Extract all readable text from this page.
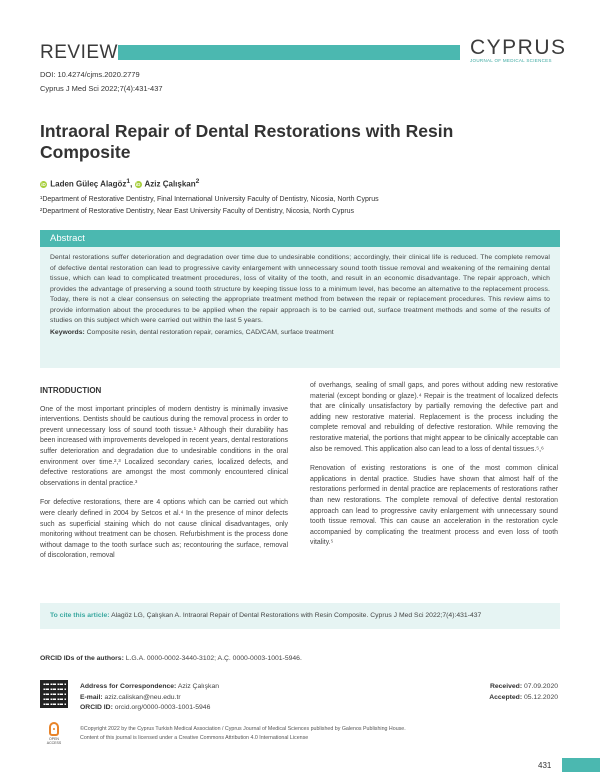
REVIEW	CYPRUS
JOURNAL OF MEDICAL SCIENCES
DOI: 10.4274/cjms.2020.2779
Cyprus J Med Sci 2022;7(4):431-437
Intraoral Repair of Dental Restorations with Resin Composite
iD Laden Güleç Alagöz$^1$, iD Aziz Çalışkan$^2$
¹Department of Restorative Dentistry, Final International University Faculty of Dentistry, Nicosia, North Cyprus
²Department of Restorative Dentistry, Near East University Faculty of Dentistry, Nicosia, North Cyprus
Abstract
Dental restorations suffer deterioration and degradation over time due to undesirable conditions; accordingly, their clinical life is reduced. The complete removal of defective dental restoration can lead to progressive cavity enlargement with unnecessary sound tooth tissue removal and weakening of the remaining dental tissue, which can lead to complicated treatment procedures, loss of vitality of the tooth, and result in an economic disadvantage. The repair approach, which provides the advantage of preserving a sound tooth structure by keeping tissue loss to a minimum level, has become an alternative to the replacement process. Today, there is not a clear consensus on selecting the appropriate treatment method from between the repair or replacement procedures. This review aims to provide information about the procedures to be applied when the repair approach is to be carried out, surface treatment methods and some of the results of studies on this subject which were carried out within the last 5 years.
Keywords: Composite resin, dental restoration repair, ceramics, CAD/CAM, surface treatment
INTRODUCTION
One of the most important principles of modern dentistry is minimally invasive interventions. Dentists should be cautious during the removal process in order to prevent unnecessary loss of sound tooth tissue.¹ Although their durability has been increased with improvements developed in recent years, dental restorations suffer deterioration and degradation due to undesirable conditions in the oral environment over time.²,³ Localized secondary caries, localized defects, and defective restorations are amongst the most commonly encountered clinical observations in dental practice.³
For defective restorations, there are 4 options which can be carried out which were clearly defined in 2004 by Setcos et al.⁴ In the presence of minor defects such as superficial staining which do not cause clinical disadvantages, only monitoring without treatment can be chosen. Refurbishment is the process done without damage to the tooth surface such as; recontouring the surface, removal of discoloration, removal
of overhangs, sealing of small gaps, and pores without adding new restorative material (except bonding or glaze).⁴ Repair is the treatment of localized defects that are clinically unsatisfactory by partially removing the defective part and adding new restorative material. Replacement is the process including the complete removal and rebuilding of defective restoration. While removing the restorative material, the portions that might appear to be clinically acceptable can also be removed. This application also can lead to a loss of dental tissues.⁵,⁶
Renovation of existing restorations is one of the most common clinical applications in dental practice. Studies have shown that almost half of the restorations performed in dental practice are replacements of restorations rather than new restorations. The complete removal of defective dental restoration approach can lead to progressive cavity enlargement with unnecessary sound tooth tissue removal. This can cause an acceleration in the restoration cycle accompanied by complicating the treatment process and even loss of tooth vitality.⁵
To cite this article: Alagöz LG, Çalışkan A. Intraoral Repair of Dental Restorations with Resin Composite. Cyprus J Med Sci 2022;7(4):431-437
ORCID IDs of the authors: L.G.A. 0000-0002-3440-3102; A.Ç. 0000-0003-1001-5946.
Address for Correspondence: Aziz Çalışkan
E-mail: aziz.caliskan@neu.edu.tr
ORCID ID: orcid.org/0000-0003-1001-5946
Received: 07.09.2020
Accepted: 05.12.2020
OPEN ACCESS
©Copyright 2022 by the Cyprus Turkish Medical Association / Cyprus Journal of Medical Sciences published by Galenos Publishing House.
Content of this journal is licensed under a Creative Commons Attribution 4.0 International License
431
